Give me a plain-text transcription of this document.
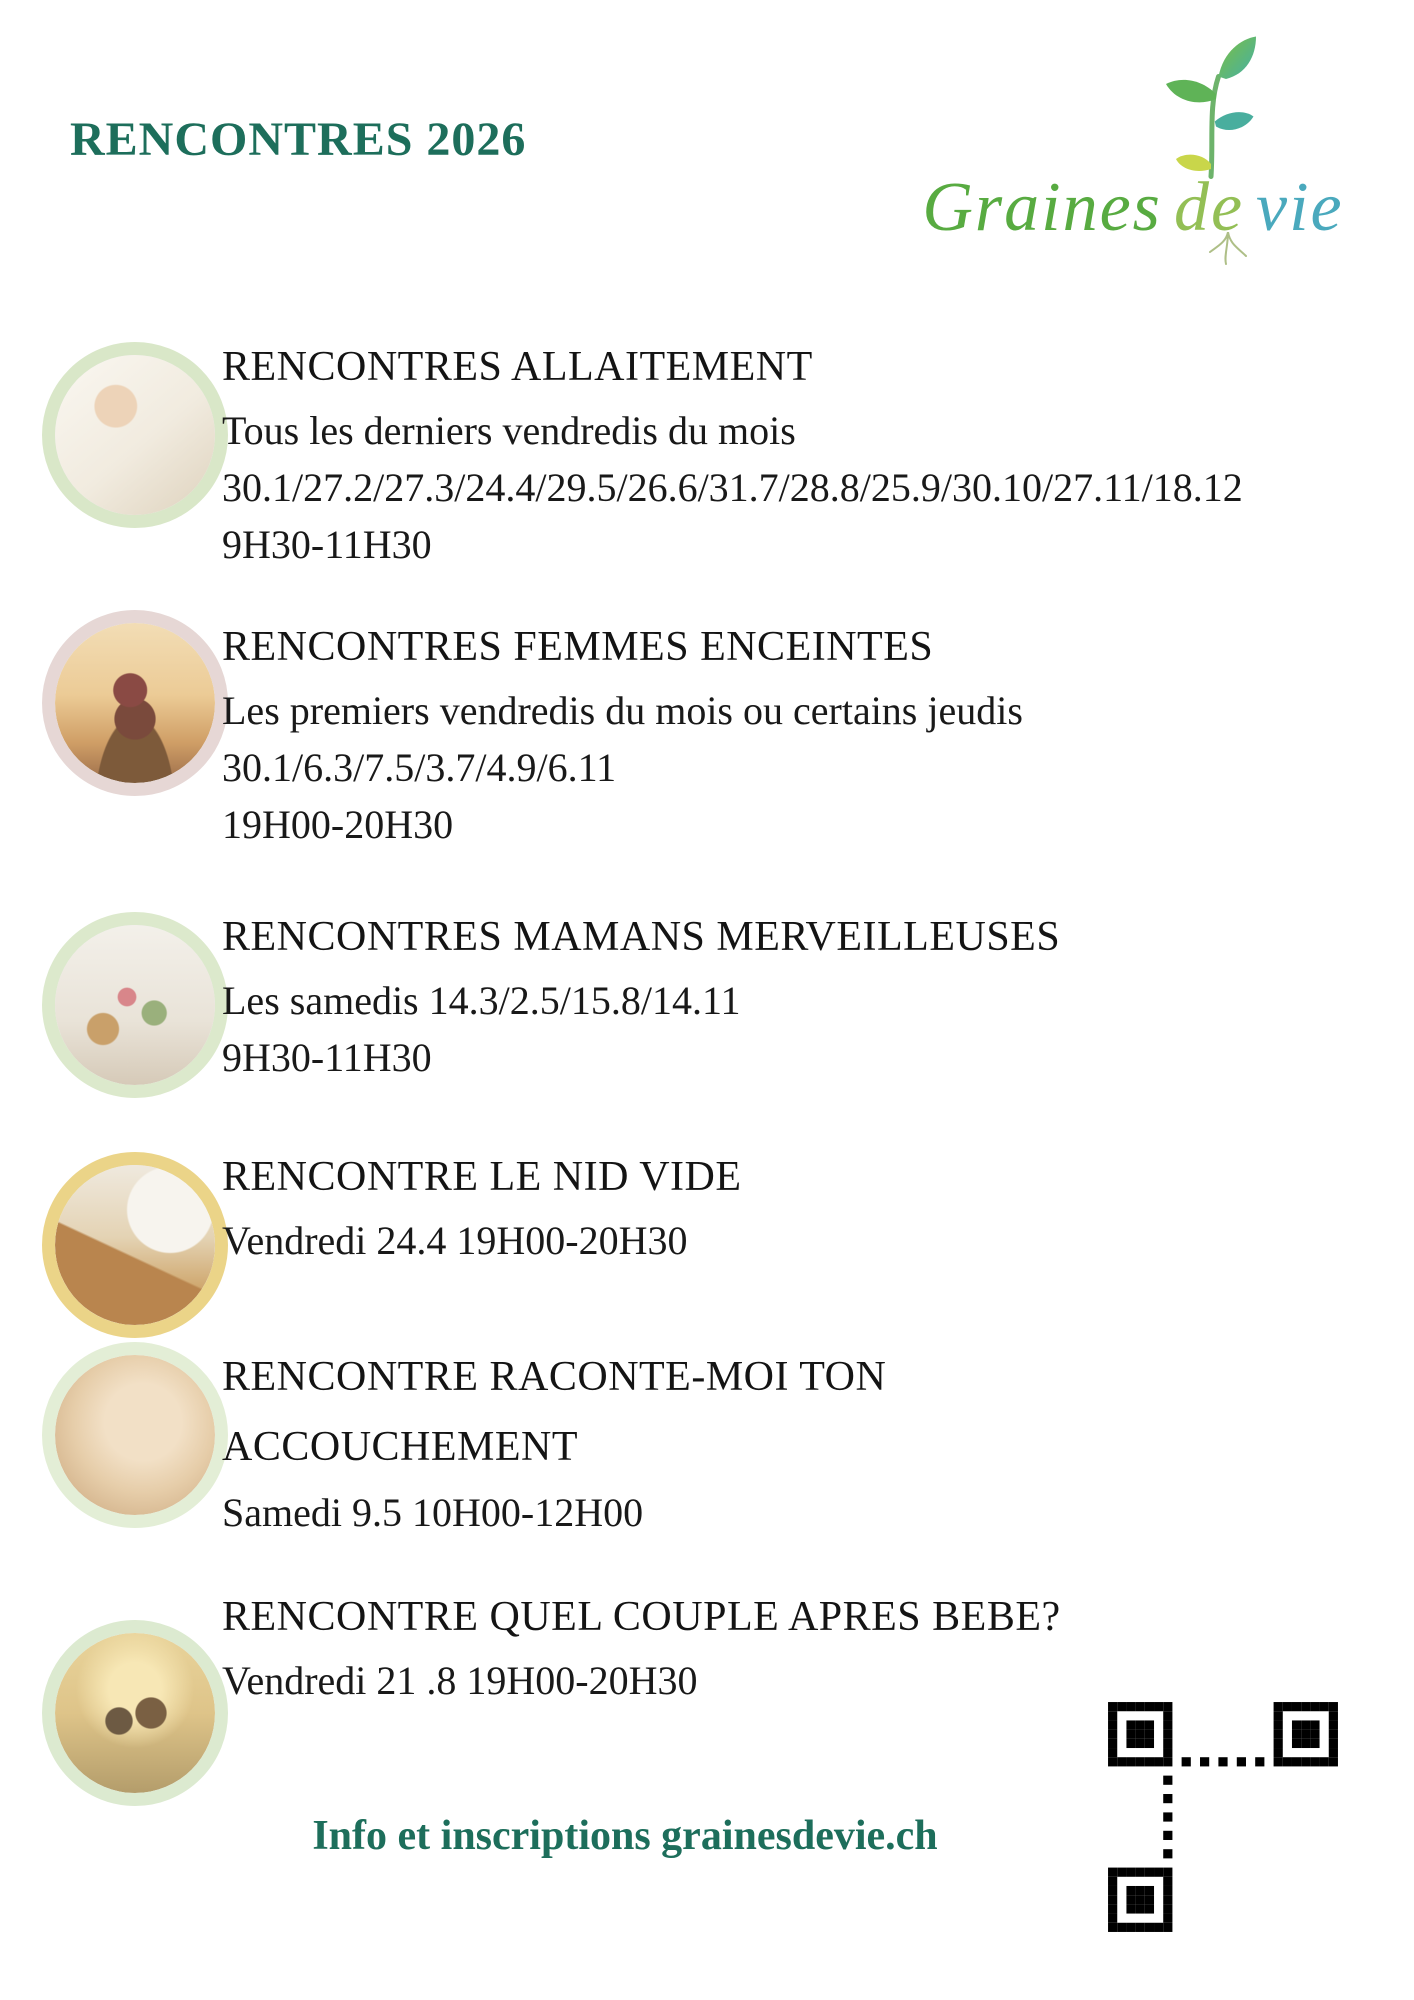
RENCONTRES 2026
Graines de vie
RENCONTRES ALLAITEMENT
Tous les derniers vendredis du mois
30.1/27.2/27.3/24.4/29.5/26.6/31.7/28.8/25.9/30.10/27.11/18.12
9H30-11H30
RENCONTRES FEMMES ENCEINTES
Les premiers vendredis du mois ou certains jeudis
30.1/6.3/7.5/3.7/4.9/6.11
19H00-20H30
RENCONTRES MAMANS MERVEILLEUSES
Les samedis 14.3/2.5/15.8/14.11
9H30-11H30
RENCONTRE LE NID VIDE
Vendredi 24.4 19H00-20H30
RENCONTRE RACONTE-MOI TON ACCOUCHEMENT
Samedi 9.5 10H00-12H00
RENCONTRE QUEL COUPLE APRES BEBE?
Vendredi 21 .8 19H00-20H30
Info et inscriptions grainesdevie.ch
